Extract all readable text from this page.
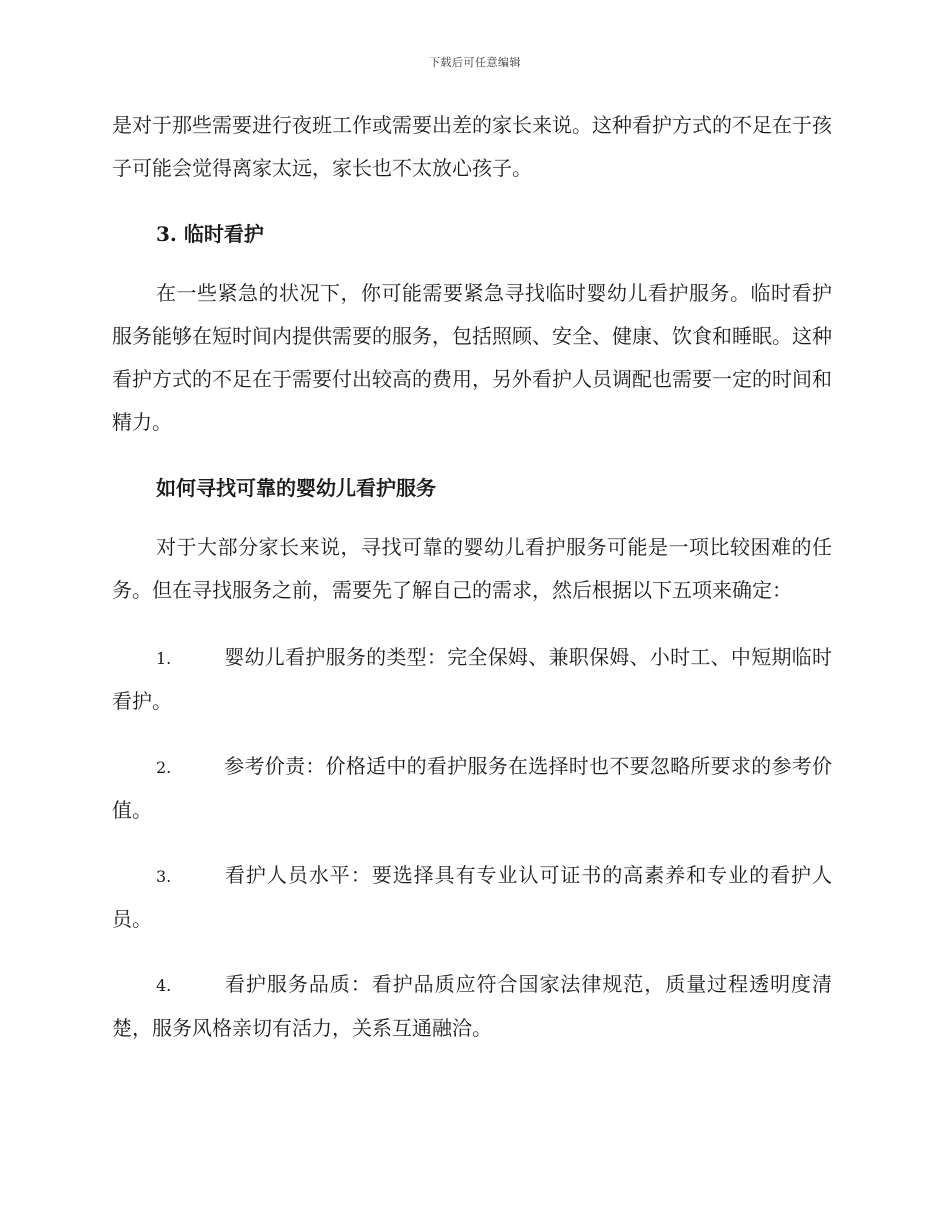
下载后可任意编辑

是对于那些需要进行夜班工作或需要出差的家长来说。这种看护方式的不足在于孩子可能会觉得离家太远，家长也不太放心孩子。

3. 临时看护

在一些紧急的状况下，你可能需要紧急寻找临时婴幼儿看护服务。临时看护服务能够在短时间内提供需要的服务，包括照顾、安全、健康、饮食和睡眠。这种看护方式的不足在于需要付出较高的费用，另外看护人员调配也需要一定的时间和精力。

如何寻找可靠的婴幼儿看护服务

对于大部分家长来说，寻找可靠的婴幼儿看护服务可能是一项比较困难的任务。但在寻找服务之前，需要先了解自己的需求，然后根据以下五项来确定：

1.	婴幼儿看护服务的类型：完全保姆、兼职保姆、小时工、中短期临时看护。
2.	参考价责：价格适中的看护服务在选择时也不要忽略所要求的参考价值。
3.	看护人员水平：要选择具有专业认可证书的高素养和专业的看护人员。
4.	看护服务品质：看护品质应符合国家法律规范，质量过程透明度清楚，服务风格亲切有活力，关系互通融洽。
